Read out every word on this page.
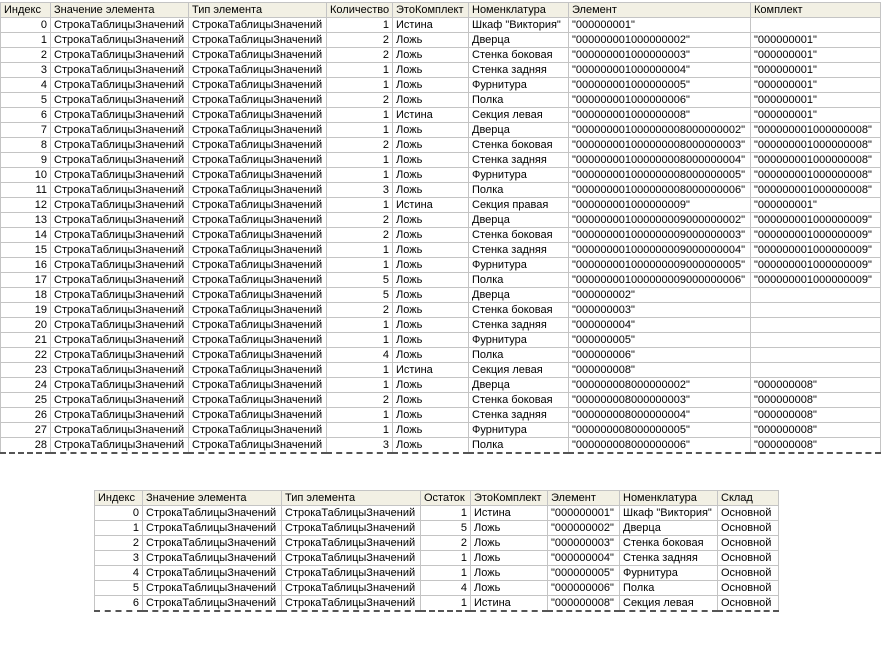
Индекс	Значение элемента	Тип элемента	Количество	ЭтоКомплект	Номенклатура	Элемент	Комплект
0	СтрокаТаблицыЗначений	СтрокаТаблицыЗначений	1	Истина	Шкаф "Виктория"	"000000001"	
1	СтрокаТаблицыЗначений	СтрокаТаблицыЗначений	2	Ложь	Дверца	"000000001000000002"	"000000001"
2	СтрокаТаблицыЗначений	СтрокаТаблицыЗначений	2	Ложь	Стенка боковая	"000000001000000003"	"000000001"
3	СтрокаТаблицыЗначений	СтрокаТаблицыЗначений	1	Ложь	Стенка задняя	"000000001000000004"	"000000001"
4	СтрокаТаблицыЗначений	СтрокаТаблицыЗначений	1	Ложь	Фурнитура	"000000001000000005"	"000000001"
5	СтрокаТаблицыЗначений	СтрокаТаблицыЗначений	2	Ложь	Полка	"000000001000000006"	"000000001"
6	СтрокаТаблицыЗначений	СтрокаТаблицыЗначений	1	Истина	Секция левая	"000000001000000008"	"000000001"
7	СтрокаТаблицыЗначений	СтрокаТаблицыЗначений	1	Ложь	Дверца	"000000001000000008000000002"	"000000001000000008"
8	СтрокаТаблицыЗначений	СтрокаТаблицыЗначений	2	Ложь	Стенка боковая	"000000001000000008000000003"	"000000001000000008"
9	СтрокаТаблицыЗначений	СтрокаТаблицыЗначений	1	Ложь	Стенка задняя	"000000001000000008000000004"	"000000001000000008"
10	СтрокаТаблицыЗначений	СтрокаТаблицыЗначений	1	Ложь	Фурнитура	"000000001000000008000000005"	"000000001000000008"
11	СтрокаТаблицыЗначений	СтрокаТаблицыЗначений	3	Ложь	Полка	"000000001000000008000000006"	"000000001000000008"
12	СтрокаТаблицыЗначений	СтрокаТаблицыЗначений	1	Истина	Секция правая	"000000001000000009"	"000000001"
13	СтрокаТаблицыЗначений	СтрокаТаблицыЗначений	2	Ложь	Дверца	"000000001000000009000000002"	"000000001000000009"
14	СтрокаТаблицыЗначений	СтрокаТаблицыЗначений	2	Ложь	Стенка боковая	"000000001000000009000000003"	"000000001000000009"
15	СтрокаТаблицыЗначений	СтрокаТаблицыЗначений	1	Ложь	Стенка задняя	"000000001000000009000000004"	"000000001000000009"
16	СтрокаТаблицыЗначений	СтрокаТаблицыЗначений	1	Ложь	Фурнитура	"000000001000000009000000005"	"000000001000000009"
17	СтрокаТаблицыЗначений	СтрокаТаблицыЗначений	5	Ложь	Полка	"000000001000000009000000006"	"000000001000000009"
18	СтрокаТаблицыЗначений	СтрокаТаблицыЗначений	5	Ложь	Дверца	"000000002"	
19	СтрокаТаблицыЗначений	СтрокаТаблицыЗначений	2	Ложь	Стенка боковая	"000000003"	
20	СтрокаТаблицыЗначений	СтрокаТаблицыЗначений	1	Ложь	Стенка задняя	"000000004"	
21	СтрокаТаблицыЗначений	СтрокаТаблицыЗначений	1	Ложь	Фурнитура	"000000005"	
22	СтрокаТаблицыЗначений	СтрокаТаблицыЗначений	4	Ложь	Полка	"000000006"	
23	СтрокаТаблицыЗначений	СтрокаТаблицыЗначений	1	Истина	Секция левая	"000000008"	
24	СтрокаТаблицыЗначений	СтрокаТаблицыЗначений	1	Ложь	Дверца	"000000008000000002"	"000000008"
25	СтрокаТаблицыЗначений	СтрокаТаблицыЗначений	2	Ложь	Стенка боковая	"000000008000000003"	"000000008"
26	СтрокаТаблицыЗначений	СтрокаТаблицыЗначений	1	Ложь	Стенка задняя	"000000008000000004"	"000000008"
27	СтрокаТаблицыЗначений	СтрокаТаблицыЗначений	1	Ложь	Фурнитура	"000000008000000005"	"000000008"
28	СтрокаТаблицыЗначений	СтрокаТаблицыЗначений	3	Ложь	Полка	"000000008000000006"	"000000008"
Индекс	Значение элемента	Тип элемента	Остаток	ЭтоКомплект	Элемент	Номенклатура	Склад
0	СтрокаТаблицыЗначений	СтрокаТаблицыЗначений	1	Истина	"000000001"	Шкаф "Виктория"	Основной
1	СтрокаТаблицыЗначений	СтрокаТаблицыЗначений	5	Ложь	"000000002"	Дверца	Основной
2	СтрокаТаблицыЗначений	СтрокаТаблицыЗначений	2	Ложь	"000000003"	Стенка боковая	Основной
3	СтрокаТаблицыЗначений	СтрокаТаблицыЗначений	1	Ложь	"000000004"	Стенка задняя	Основной
4	СтрокаТаблицыЗначений	СтрокаТаблицыЗначений	1	Ложь	"000000005"	Фурнитура	Основной
5	СтрокаТаблицыЗначений	СтрокаТаблицыЗначений	4	Ложь	"000000006"	Полка	Основной
6	СтрокаТаблицыЗначений	СтрокаТаблицыЗначений	1	Истина	"000000008"	Секция левая	Основной
